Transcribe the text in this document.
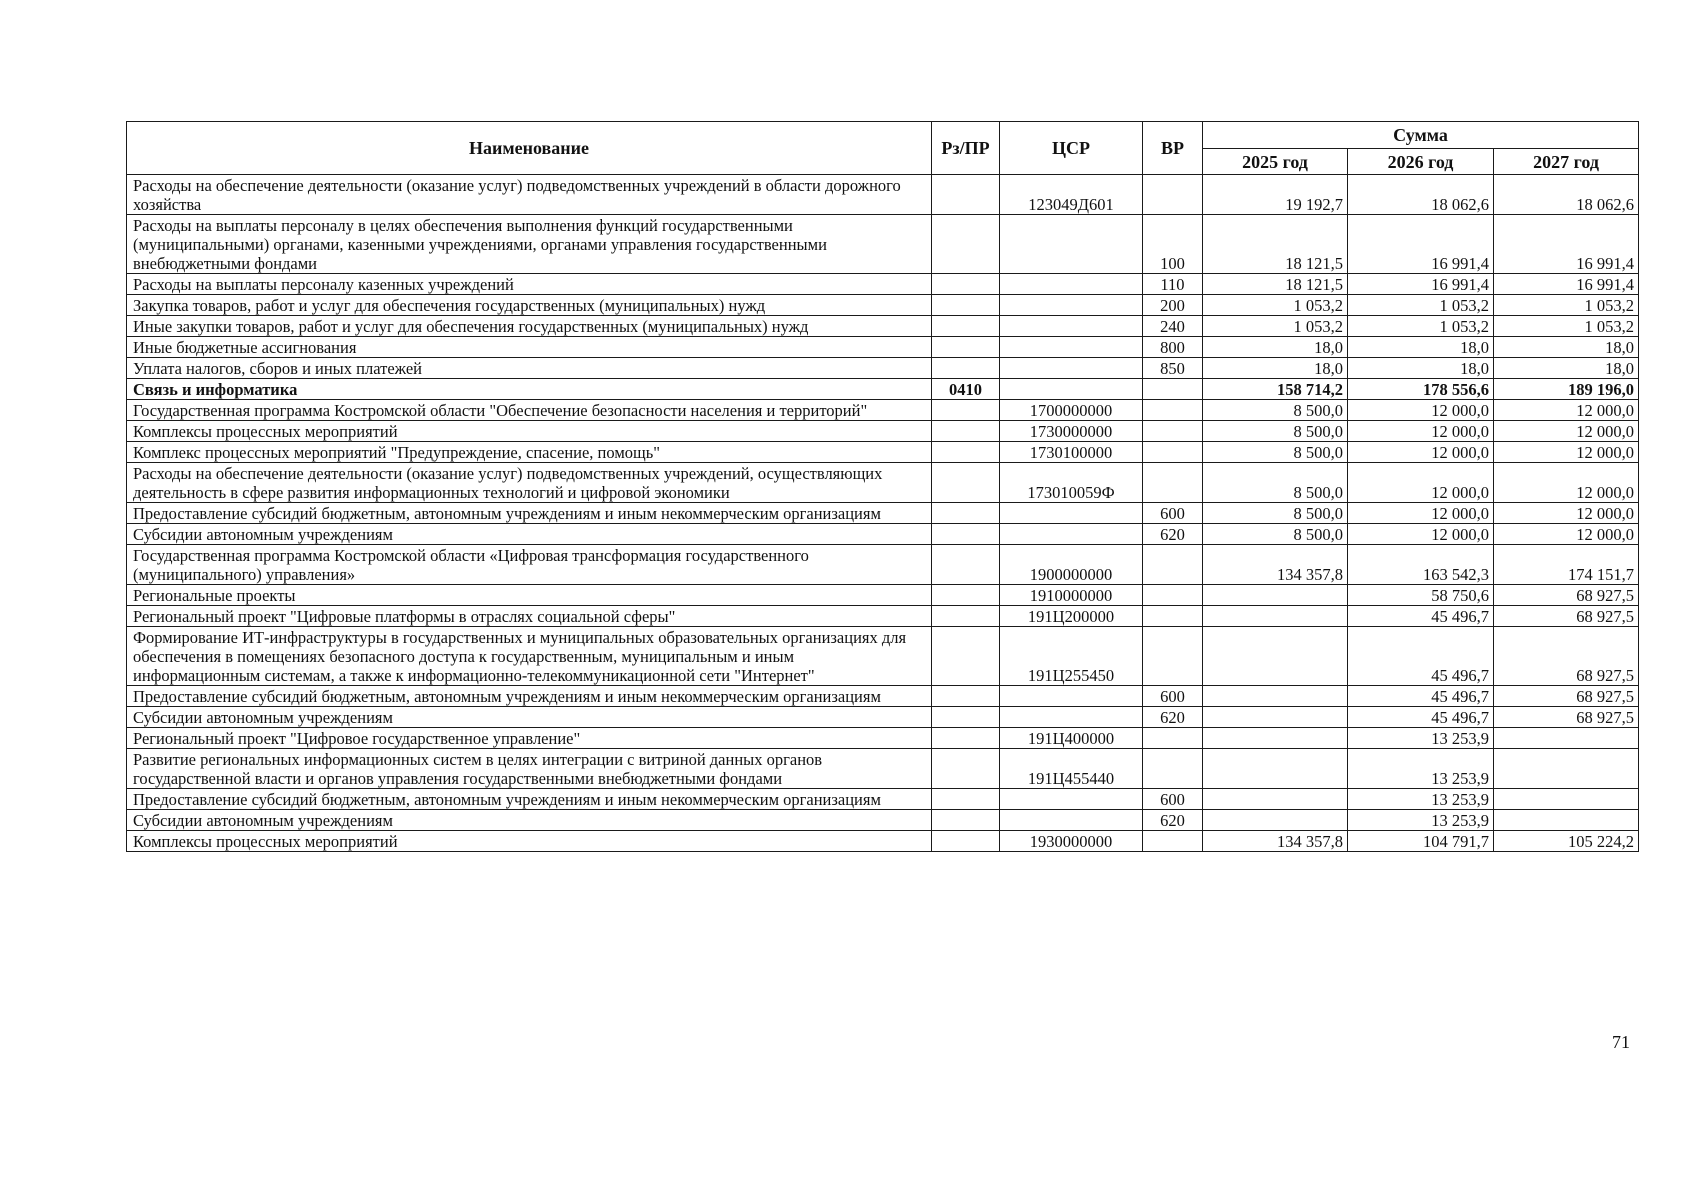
Наименование	Рз/ПР	ЦСР	ВР	Сумма		
				2025 год	2026 год	2027 год
Расходы на обеспечение деятельности (оказание услуг) подведомственных учреждений в области дорожного хозяйства		123049Д601		19 192,7	18 062,6	18 062,6
Расходы на выплаты персоналу в целях обеспечения выполнения функций государственными (муниципальными) органами, казенными учреждениями, органами управления государственными внебюджетными фондами			100	18 121,5	16 991,4	16 991,4
Расходы на выплаты персоналу казенных учреждений			110	18 121,5	16 991,4	16 991,4
Закупка товаров, работ и услуг для обеспечения государственных (муниципальных) нужд			200	1 053,2	1 053,2	1 053,2
Иные закупки товаров, работ и услуг для обеспечения государственных (муниципальных) нужд			240	1 053,2	1 053,2	1 053,2
Иные бюджетные ассигнования			800	18,0	18,0	18,0
Уплата налогов, сборов и иных платежей			850	18,0	18,0	18,0
Связь и информатика	0410			158 714,2	178 556,6	189 196,0
Государственная программа Костромской области "Обеспечение безопасности населения и территорий"		1700000000		8 500,0	12 000,0	12 000,0
Комплексы процессных мероприятий		1730000000		8 500,0	12 000,0	12 000,0
Комплекс процессных мероприятий "Предупреждение, спасение, помощь"		1730100000		8 500,0	12 000,0	12 000,0
Расходы на обеспечение деятельности (оказание услуг) подведомственных учреждений, осуществляющих деятельность в сфере развития информационных технологий и цифровой экономики		173010059Ф		8 500,0	12 000,0	12 000,0
Предоставление субсидий бюджетным, автономным учреждениям и иным некоммерческим организациям			600	8 500,0	12 000,0	12 000,0
Субсидии автономным учреждениям			620	8 500,0	12 000,0	12 000,0
Государственная программа Костромской области «Цифровая трансформация государственного (муниципального) управления»		1900000000		134 357,8	163 542,3	174 151,7
Региональные проекты		1910000000			58 750,6	68 927,5
Региональный проект "Цифровые платформы в отраслях социальной сферы"		191Ц200000			45 496,7	68 927,5
Формирование ИТ-инфраструктуры в государственных и муниципальных образовательных организациях для обеспечения в помещениях безопасного доступа к государственным, муниципальным и иным информационным системам, а также к информационно-телекоммуникационной сети "Интернет"		191Ц255450			45 496,7	68 927,5
Предоставление субсидий бюджетным, автономным учреждениям и иным некоммерческим организациям			600		45 496,7	68 927,5
Субсидии автономным учреждениям			620		45 496,7	68 927,5
Региональный проект "Цифровое государственное управление"		191Ц400000			13 253,9	
Развитие региональных информационных систем в целях интеграции с витриной данных органов государственной власти и органов управления государственными внебюджетными фондами		191Ц455440			13 253,9	
Предоставление субсидий бюджетным, автономным учреждениям и иным некоммерческим организациям			600		13 253,9	
Субсидии автономным учреждениям			620		13 253,9	
Комплексы процессных мероприятий		1930000000		134 357,8	104 791,7	105 224,2
71
